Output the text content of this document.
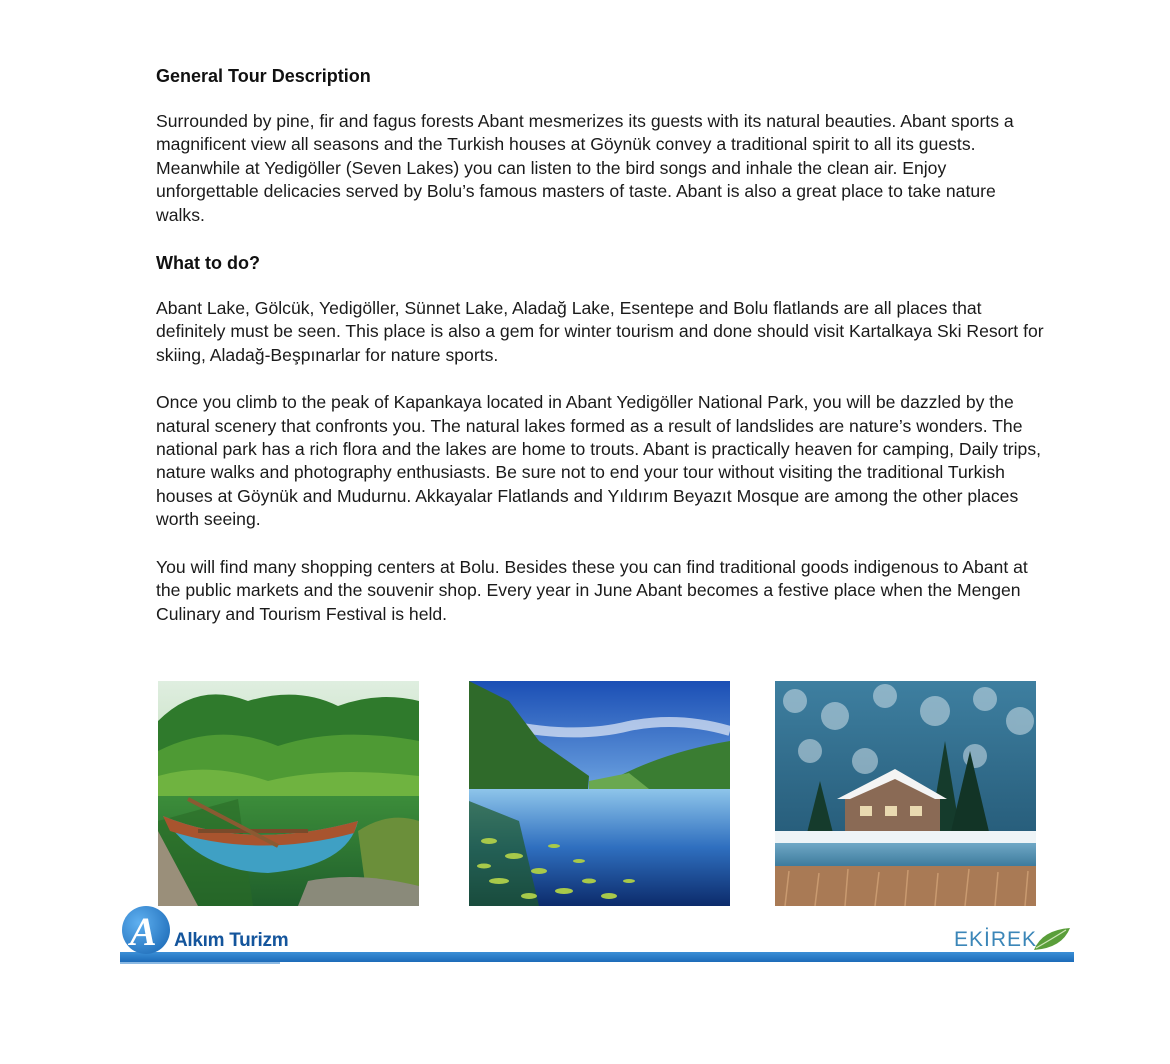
General Tour Description

Surrounded by pine, fir and fagus forests Abant mesmerizes its guests with its natural beauties. Abant sports a magnificent view all seasons and the Turkish houses at Göynük convey a traditional spirit to all its guests. Meanwhile at Yedigöller (Seven Lakes) you can listen to the bird songs and inhale the clean air. Enjoy unforgettable delicacies served by Bolu’s famous masters of taste. Abant is also a great place to take nature walks.

What to do?

Abant Lake, Gölcük, Yedigöller, Sünnet Lake, Aladağ Lake, Esentepe and Bolu flatlands are all places that definitely must be seen. This place is also a gem for winter tourism and done should visit Kartalkaya Ski Resort for skiing, Aladağ-Beşpınarlar for nature sports.

Once you climb to the peak of Kapankaya located in Abant Yedigöller National Park, you will be dazzled by the natural scenery that confronts you. The natural lakes formed as a result of landslides are nature’s wonders. The national park has a rich flora and the lakes are home to trouts. Abant is practically heaven for camping, Daily trips, nature walks and photography enthusiasts. Be sure not to end your tour without visiting the traditional Turkish houses at Göynük and Mudurnu. Akkayalar Flatlands and Yıldırım Beyazıt Mosque are among the other places worth seeing.

You will find many shopping centers at Bolu. Besides these you can find traditional goods indigenous to Abant at the public markets and the souvenir shop. Every year in June Abant becomes a festive place when the Mengen Culinary and Tourism Festival is held.

A Alkım Turizm	EKİREK
